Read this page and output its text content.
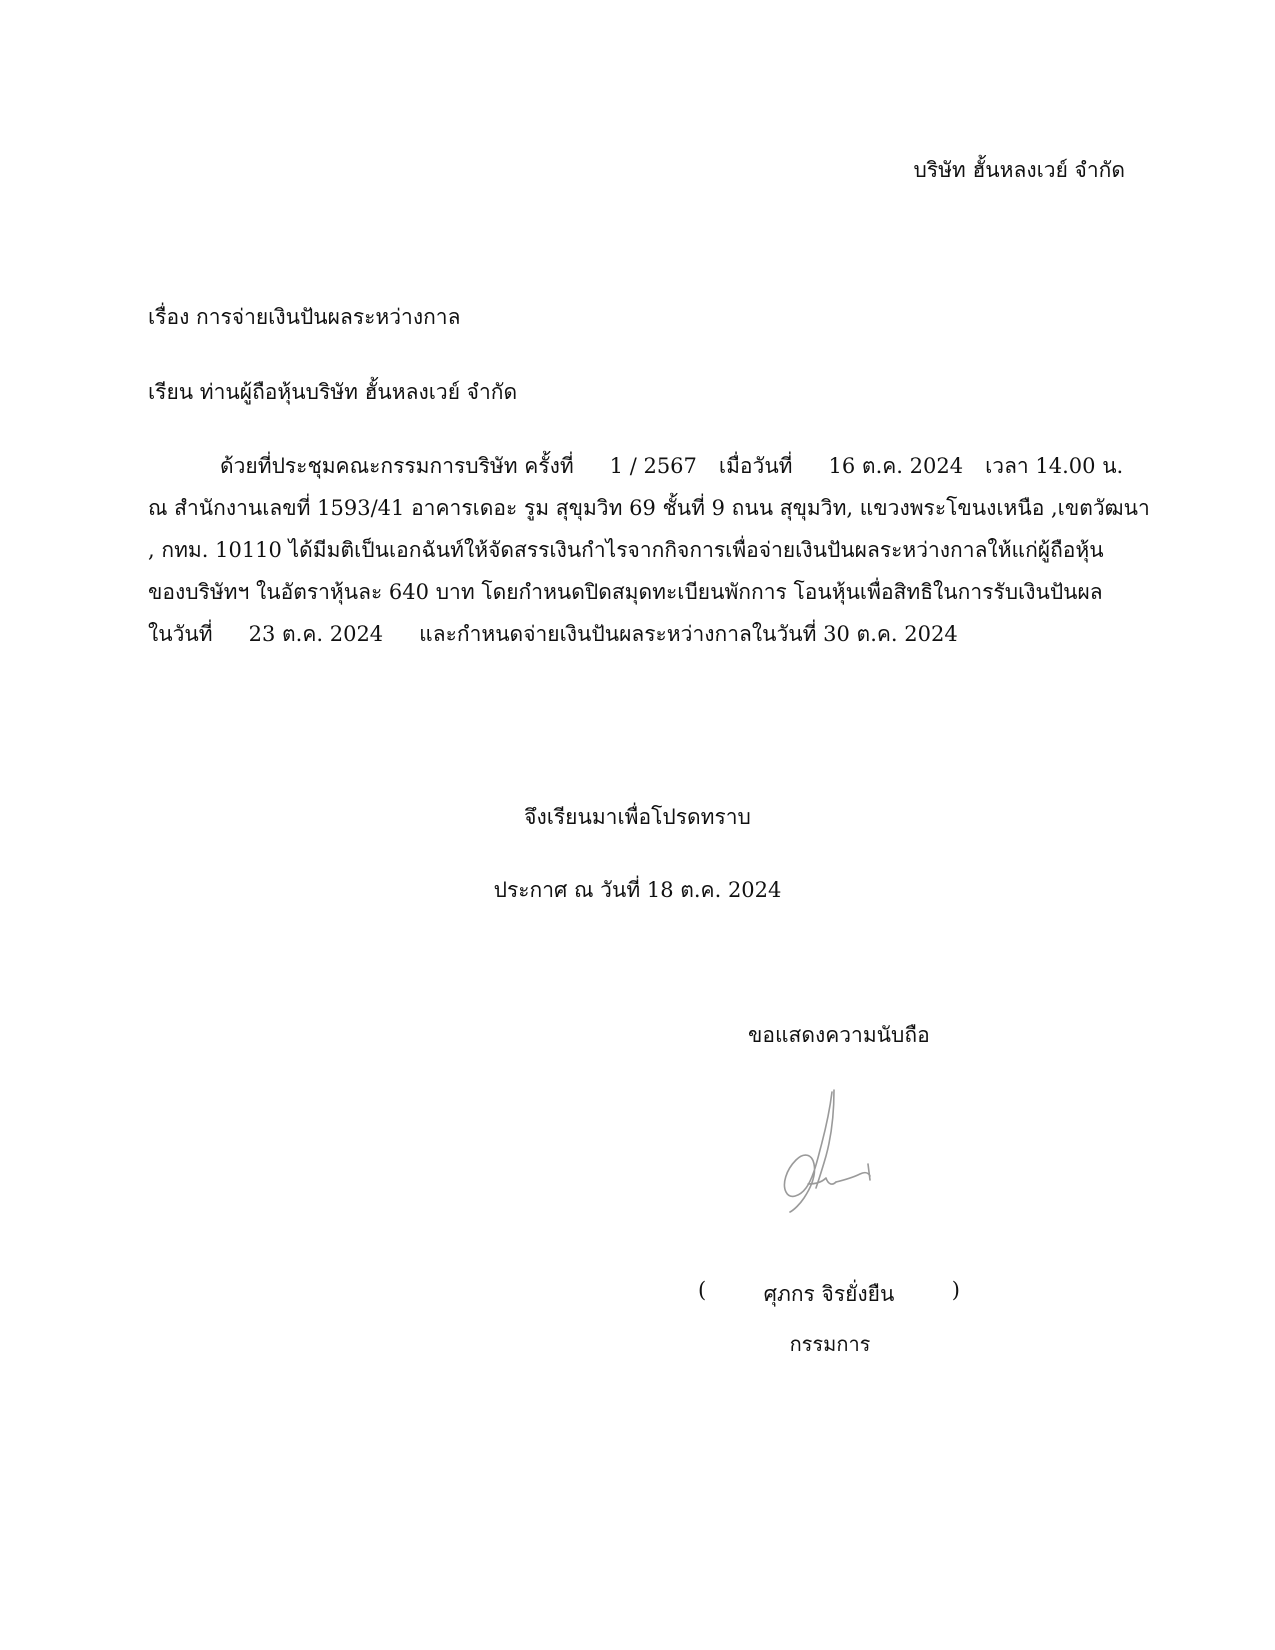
บริษัท ฮั้นหลงเวย์ จำกัด
เรื่อง การจ่ายเงินปันผลระหว่างกาล
เรียน ท่านผู้ถือหุ้นบริษัท ฮั้นหลงเวย์ จำกัด
ด้วยที่ประชุมคณะกรรมการบริษัท ครั้งที่ 1 / 2567 เมื่อวันที่ 16 ต.ค. 2024 เวลา 14.00 น.
ณ สำนักงานเลขที่ 1593/41 อาคารเดอะ รูม สุขุมวิท 69 ชั้นที่ 9 ถนน สุขุมวิท, แขวงพระโขนงเหนือ ,เขตวัฒนา
, กทม. 10110 ได้มีมติเป็นเอกฉันท์ให้จัดสรรเงินกำไรจากกิจการเพื่อจ่ายเงินปันผลระหว่างกาลให้แก่ผู้ถือหุ้น
ของบริษัทฯ ในอัตราหุ้นละ 640 บาท โดยกำหนดปิดสมุดทะเบียนพักการ โอนหุ้นเพื่อสิทธิในการรับเงินปันผล
ในวันที่ 23 ต.ค. 2024 และกำหนดจ่ายเงินปันผลระหว่างกาลในวันที่ 30 ต.ค. 2024
จึงเรียนมาเพื่อโปรดทราบ
ประกาศ ณ วันที่ 18 ต.ค. 2024
ขอแสดงความนับถือ
(	ศุภกร จิรยั่งยืน	)
กรรมการ
